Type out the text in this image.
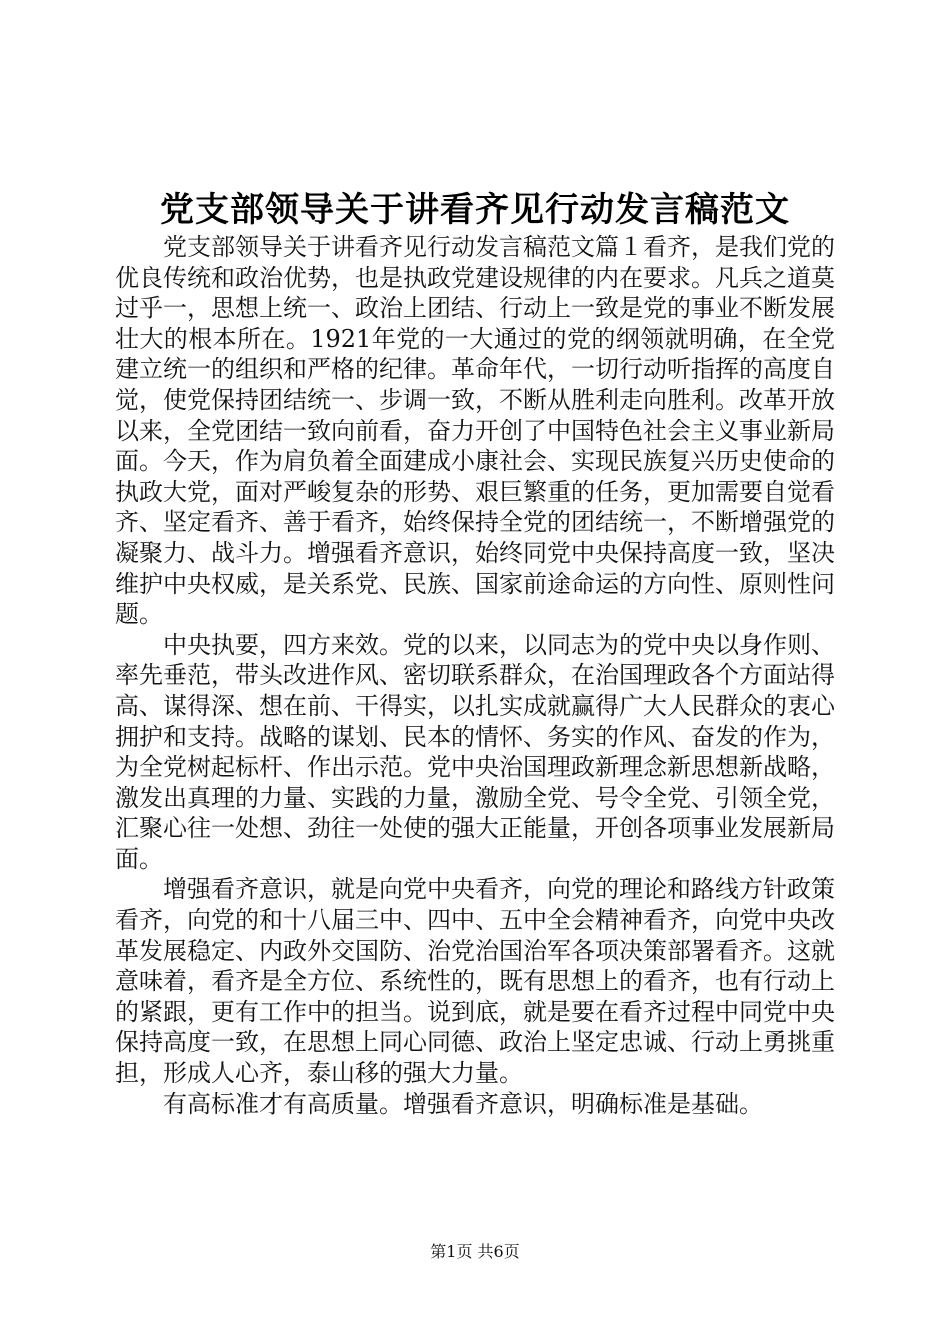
党支部领导关于讲看齐见行动发言稿范文

党支部领导关于讲看齐见行动发言稿范文篇１看齐，是我们党的优良传统和政治优势，也是执政党建设规律的内在要求。凡兵之道莫过乎一，思想上统一、政治上团结、行动上一致是党的事业不断发展壮大的根本所在。1921年党的一大通过的党的纲领就明确，在全党建立统一的组织和严格的纪律。革命年代，一切行动听指挥的高度自觉，使党保持团结统一、步调一致，不断从胜利走向胜利。改革开放以来，全党团结一致向前看，奋力开创了中国特色社会主义事业新局面。今天，作为肩负着全面建成小康社会、实现民族复兴历史使命的执政大党，面对严峻复杂的形势、艰巨繁重的任务，更加需要自觉看齐、坚定看齐、善于看齐，始终保持全党的团结统一，不断增强党的凝聚力、战斗力。增强看齐意识，始终同党中央保持高度一致，坚决维护中央权威，是关系党、民族、国家前途命运的方向性、原则性问题。

中央执要，四方来效。党的以来，以同志为的党中央以身作则、率先垂范，带头改进作风、密切联系群众，在治国理政各个方面站得高、谋得深、想在前、干得实，以扎实成就赢得广大人民群众的衷心拥护和支持。战略的谋划、民本的情怀、务实的作风、奋发的作为，为全党树起标杆、作出示范。党中央治国理政新理念新思想新战略，激发出真理的力量、实践的力量，激励全党、号令全党、引领全党，汇聚心往一处想、劲往一处使的强大正能量，开创各项事业发展新局面。

增强看齐意识，就是向党中央看齐，向党的理论和路线方针政策看齐，向党的和十八届三中、四中、五中全会精神看齐，向党中央改革发展稳定、内政外交国防、治党治国治军各项决策部署看齐。这就意味着，看齐是全方位、系统性的，既有思想上的看齐，也有行动上的紧跟，更有工作中的担当。说到底，就是要在看齐过程中同党中央保持高度一致，在思想上同心同德、政治上坚定忠诚、行动上勇挑重担，形成人心齐，泰山移的强大力量。

有高标准才有高质量。增强看齐意识，明确标准是基础。

第1页 共6页
